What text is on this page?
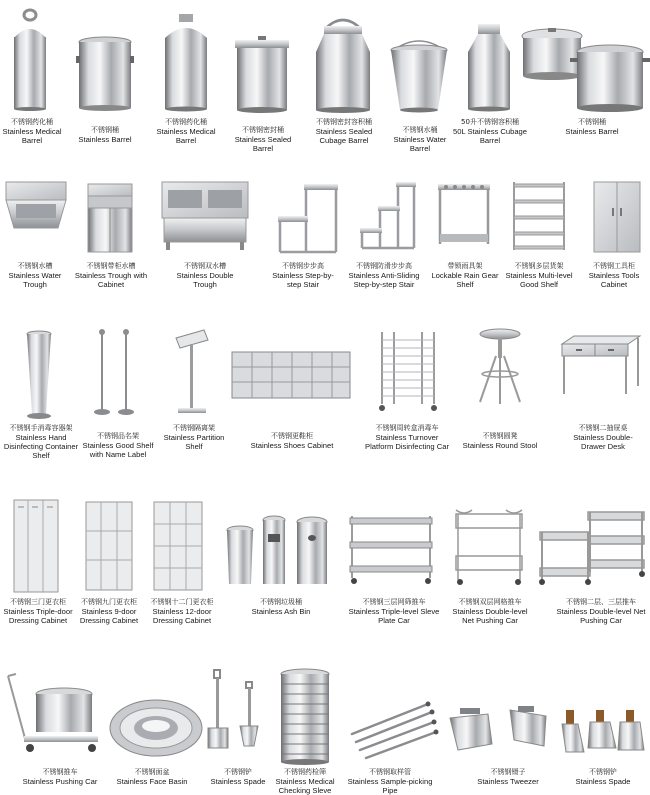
不锈钢药化桶
Stainless Medical Barrel
不锈钢桶
Stainless Barrel
不锈钢药化桶
Stainless Medical Barrel
不锈钢密封桶
Stainless Sealed Barrel
不锈钢密封容积桶
Stainless Sealed Cubage Barrel
不锈钢水桶
Stainless Water Barrel
50升不锈钢容积桶
50L Stainless Cubage Barrel
不锈钢桶
Stainless Barrel
不锈钢水槽
Stainless Water Trough
不锈钢带柜水槽
Stainless Trough with Cabinet
不锈钢双水槽
Stainless Double Trough
不锈钢步步高
Stainless Step-by-step Stair
不锈钢防滑步步高
Stainless Anti-Sliding Step-by-step Stair
带锁雨具架
Lockable Rain Gear Shelf
不锈钢多层货架
Stainless Multi-level Good Shelf
不锈钢工具柜
Stainless Tools Cabinet
不锈钢手消毒容器架
Stainless Hand Disinfecting Container Shelf
不锈钢品名架
Stainless Good Shelf with Name Label
不锈钢隔离架
Stainless Partition Shelf
不锈钢更鞋柜
Stainless Shoes Cabinet
不锈钢周转盒消毒车
Stainless Turnover Platform Disinfecting Car
不锈钢圆凳
Stainless Round Stool
不锈钢二抽屉桌
Stainless Double-Drawer Desk
不锈钢三门更衣柜
Stainless Triple-door Dressing Cabinet
不锈钢九门更衣柜
Stainless 9-door Dressing Cabinet
不锈钢十二门更衣柜
Stainless 12-door Dressing Cabinet
不锈钢垃圾桶
Stainless Ash Bin
不锈钢三层网筛推车
Stainless Triple-level Sleve Plate Car
不锈钢双层网格推车
Stainless Double-level Net Pushing Car
不锈钢二层、三层推车
Stainless Double-level Net Pushing Car
不锈钢推车
Stainless Pushing Car
不锈钢面盆
Stainless Face Basin
不锈钢铲
Stainless Spade
不锈钢药检筛
Stainless Medical Checking Sleve
不锈钢取样管
Stainless Sample-picking Pipe
不锈钢镊子
Stainless Tweezer
不锈钢铲
Stainless Spade
